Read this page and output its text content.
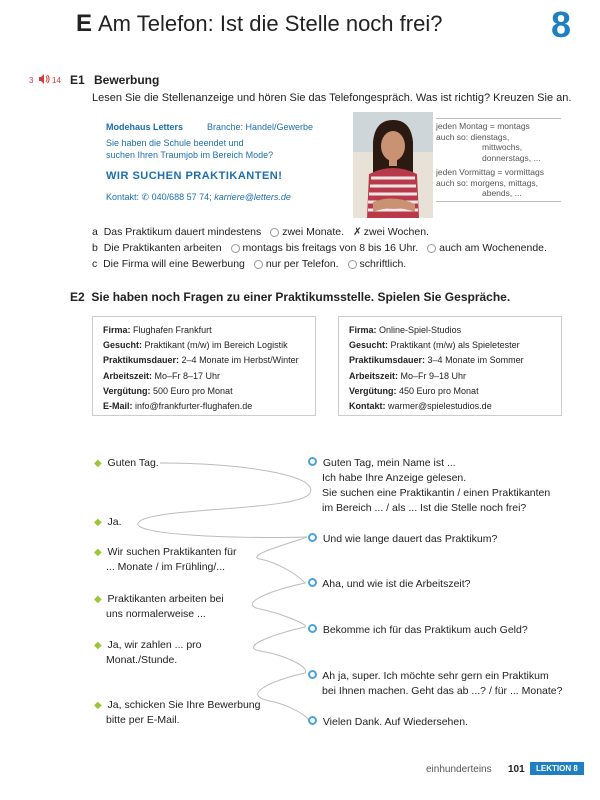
E Am Telefon: Ist die Stelle noch frei?	8
3 14 E1 Bewerbung
Lesen Sie die Stellenanzeige und hören Sie das Telefongespräch. Was ist richtig? Kreuzen Sie an.
Modehaus Letters	Branche: Handel/Gewerbe
Sie haben die Schule beendet und
suchen Ihren Traumjob im Bereich Mode?
WIR SUCHEN PRAKTIKANTEN!
Kontakt: ✆ 040/688 57 74; karriere@letters.de
jeden Montag = montags
auch so: dienstags,
mittwochs,
donnerstags, ...
jeden Vormittag = vormittags
auch so: morgens, mittags,
abends, ...
a Das Praktikum dauert mindestens zwei Monate. ✗ zwei Wochen.
b Die Praktikanten arbeiten montags bis freitags von 8 bis 16 Uhr. auch am Wochenende.
c Die Firma will eine Bewerbung nur per Telefon. schriftlich.
E2 Sie haben noch Fragen zu einer Praktikumsstelle. Spielen Sie Gespräche.
Firma: Flughafen Frankfurt
Gesucht: Praktikant (m/w) im Bereich Logistik
Praktikumsdauer: 2–4 Monate im Herbst/Winter
Arbeitszeit: Mo–Fr 8–17 Uhr
Vergütung: 500 Euro pro Monat
E-Mail: info@frankfurter-flughafen.de
Firma: Online-Spiel-Studios
Gesucht: Praktikant (m/w) als Spieletester
Praktikumsdauer: 3–4 Monate im Sommer
Arbeitszeit: Mo–Fr 9–18 Uhr
Vergütung: 450 Euro pro Monat
Kontakt: warmer@spielestudios.de
◆ Guten Tag.
◆ Ja.
◆ Wir suchen Praktikanten für
... Monate / im Frühling/...
◆ Praktikanten arbeiten bei
uns normalerweise ...
◆ Ja, wir zahlen ... pro
Monat./Stunde.
◆ Ja, schicken Sie Ihre Bewerbung
bitte per E-Mail.
Guten Tag, mein Name ist ...
Ich habe Ihre Anzeige gelesen.
Sie suchen eine Praktikantin / einen Praktikanten
im Bereich ... / als ... Ist die Stelle noch frei?
Und wie lange dauert das Praktikum?
Aha, und wie ist die Arbeitszeit?
Bekomme ich für das Praktikum auch Geld?
Ah ja, super. Ich möchte sehr gern ein Praktikum
bei Ihnen machen. Geht das ab ...? / für ... Monate?
Vielen Dank. Auf Wiedersehen.
einhunderteins 101	LEKTION 8
